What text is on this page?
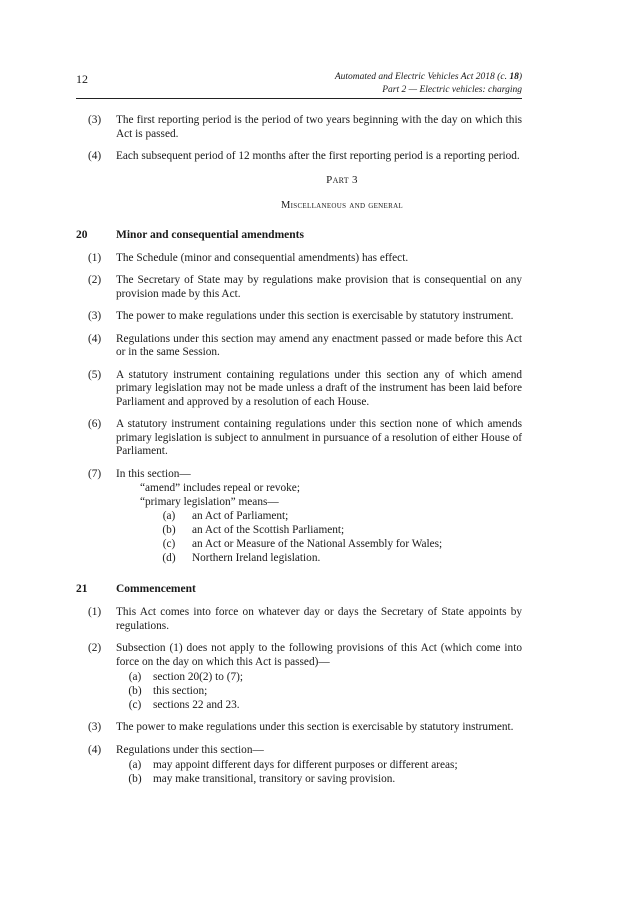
12	Automated and Electric Vehicles Act 2018 (c. 18)
Part 2 — Electric vehicles: charging
(3) The first reporting period is the period of two years beginning with the day on which this Act is passed.
(4) Each subsequent period of 12 months after the first reporting period is a reporting period.
Part 3
Miscellaneous and general
20 Minor and consequential amendments
(1) The Schedule (minor and consequential amendments) has effect.
(2) The Secretary of State may by regulations make provision that is consequential on any provision made by this Act.
(3) The power to make regulations under this section is exercisable by statutory instrument.
(4) Regulations under this section may amend any enactment passed or made before this Act or in the same Session.
(5) A statutory instrument containing regulations under this section any of which amend primary legislation may not be made unless a draft of the instrument has been laid before Parliament and approved by a resolution of each House.
(6) A statutory instrument containing regulations under this section none of which amends primary legislation is subject to annulment in pursuance of a resolution of either House of Parliament.
(7) In this section—
“amend” includes repeal or revoke;
“primary legislation” means—
(a)	an Act of Parliament;
(b)	an Act of the Scottish Parliament;
(c)	an Act or Measure of the National Assembly for Wales;
(d)	Northern Ireland legislation.
21 Commencement
(1) This Act comes into force on whatever day or days the Secretary of State appoints by regulations.
(2) Subsection (1) does not apply to the following provisions of this Act (which come into force on the day on which this Act is passed)—
(a)	section 20(2) to (7);
(b)	this section;
(c)	sections 22 and 23.
(3) The power to make regulations under this section is exercisable by statutory instrument.
(4) Regulations under this section—
(a)	may appoint different days for different purposes or different areas;
(b)	may make transitional, transitory or saving provision.
